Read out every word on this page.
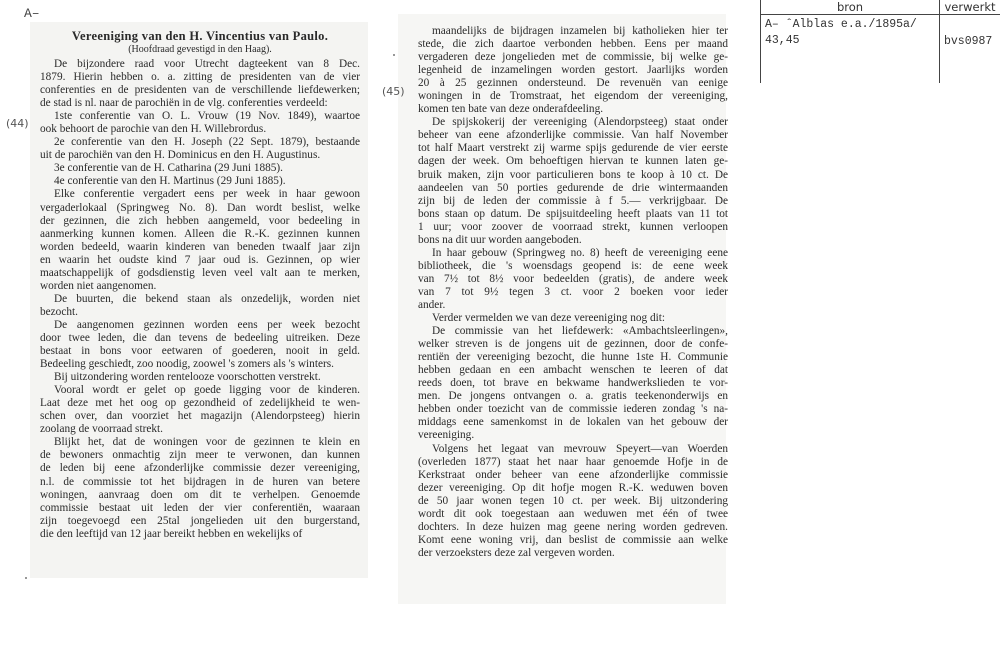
A–
(44)
(45)
bron	verwerkt

A– ˆAlblas e.a./1895a/
43,45	bvs0987
Vereeniging van den H. Vincentius van Paulo.
(Hoofdraad gevestigd in den Haag).
De bijzondere raad voor Utrecht dagteekent van 8 Dec.
1879. Hierin hebben o. a. zitting de presidenten van de vier
conferenties en de presidenten van de verschillende liefdewerken;
de stad is nl. naar de parochiën in de vlg. conferenties verdeeld:
1ste conferentie van O. L. Vrouw (19 Nov. 1849), waartoe
ook behoort de parochie van den H. Willebrordus.
2e conferentie van den H. Joseph (22 Sept. 1879), bestaande
uit de parochiën van den H. Dominicus en den H. Augustinus.
3e conferentie van de H. Catharina (29 Juni 1885).
4e conferentie van den H. Martinus (29 Juni 1885).
Elke conferentie vergadert eens per week in haar gewoon
vergaderlokaal (Springweg No. 8). Dan wordt beslist, welke
der gezinnen, die zich hebben aangemeld, voor bedeeling in
aanmerking kunnen komen. Alleen die R.-K. gezinnen kunnen
worden bedeeld, waarin kinderen van beneden twaalf jaar zijn
en waarin het oudste kind 7 jaar oud is. Gezinnen, op wier
maatschappelijk of godsdienstig leven veel valt aan te merken,
worden niet aangenomen.
De buurten, die bekend staan als onzedelijk, worden niet
bezocht.
De aangenomen gezinnen worden eens per week bezocht
door twee leden, die dan tevens de bedeeling uitreiken. Deze
bestaat in bons voor eetwaren of goederen, nooit in geld.
Bedeeling geschiedt, zoo noodig, zoowel 's zomers als 's winters.
Bij uitzondering worden rentelooze voorschotten verstrekt.
Vooral wordt er gelet op goede ligging voor de kinderen.
Laat deze met het oog op gezondheid of zedelijkheid te wen-
schen over, dan voorziet het magazijn (Alendorpsteeg) hierin
zoolang de voorraad strekt.
Blijkt het, dat de woningen voor de gezinnen te klein en
de bewoners onmachtig zijn meer te verwonen, dan kunnen
de leden bij eene afzonderlijke commissie dezer vereeniging,
n.l. de commissie tot het bijdragen in de huren van betere
woningen, aanvraag doen om dit te verhelpen. Genoemde
commissie bestaat uit leden der vier conferentiën, waaraan
zijn toegevoegd een 25tal jongelieden uit den burgerstand,
die den leeftijd van 12 jaar bereikt hebben en wekelijks of
maandelijks de bijdragen inzamelen bij katholieken hier ter
stede, die zich daartoe verbonden hebben. Eens per maand
vergaderen deze jongelieden met de commissie, bij welke ge-
legenheid de inzamelingen worden gestort. Jaarlijks worden
20 à 25 gezinnen ondersteund. De revenuën van eenige
woningen in de Tromstraat, het eigendom der vereeniging,
komen ten bate van deze onderafdeeling.
De spijskokerij der vereeniging (Alendorpsteeg) staat onder
beheer van eene afzonderlijke commissie. Van half November
tot half Maart verstrekt zij warme spijs gedurende de vier eerste
dagen der week. Om behoeftigen hiervan te kunnen laten ge-
bruik maken, zijn voor particulieren bons te koop à 10 ct. De
aandeelen van 50 porties gedurende de drie wintermaanden
zijn bij de leden der commissie à f 5.— verkrijgbaar. De
bons staan op datum. De spijsuitdeeling heeft plaats van 11 tot
1 uur; voor zoover de voorraad strekt, kunnen verloopen
bons na dit uur worden aangeboden.
In haar gebouw (Springweg no. 8) heeft de vereeniging eene
bibliotheek, die 's woensdags geopend is: de eene week
van 7½ tot 8½ voor bedeelden (gratis), de andere week
van 7 tot 9½ tegen 3 ct. voor 2 boeken voor ieder
ander.
Verder vermelden we van deze vereeniging nog dit:
De commissie van het liefdewerk: «Ambachtsleerlingen»,
welker streven is de jongens uit de gezinnen, door de confe-
rentiën der vereeniging bezocht, die hunne 1ste H. Communie
hebben gedaan en een ambacht wenschen te leeren of dat
reeds doen, tot brave en bekwame handwerkslieden te vor-
men. De jongens ontvangen o. a. gratis teekenonderwijs en
hebben onder toezicht van de commissie iederen zondag 's na-
middags eene samenkomst in de lokalen van het gebouw der
vereeniging.
Volgens het legaat van mevrouw Speyert—van Woerden
(overleden 1877) staat het naar haar genoemde Hofje in de
Kerkstraat onder beheer van eene afzonderlijke commissie
dezer vereeniging. Op dit hofje mogen R.-K. weduwen boven
de 50 jaar wonen tegen 10 ct. per week. Bij uitzondering
wordt dit ook toegestaan aan weduwen met één of twee
dochters. In deze huizen mag geene nering worden gedreven.
Komt eene woning vrij, dan beslist de commissie aan welke
der verzoeksters deze zal vergeven worden.
